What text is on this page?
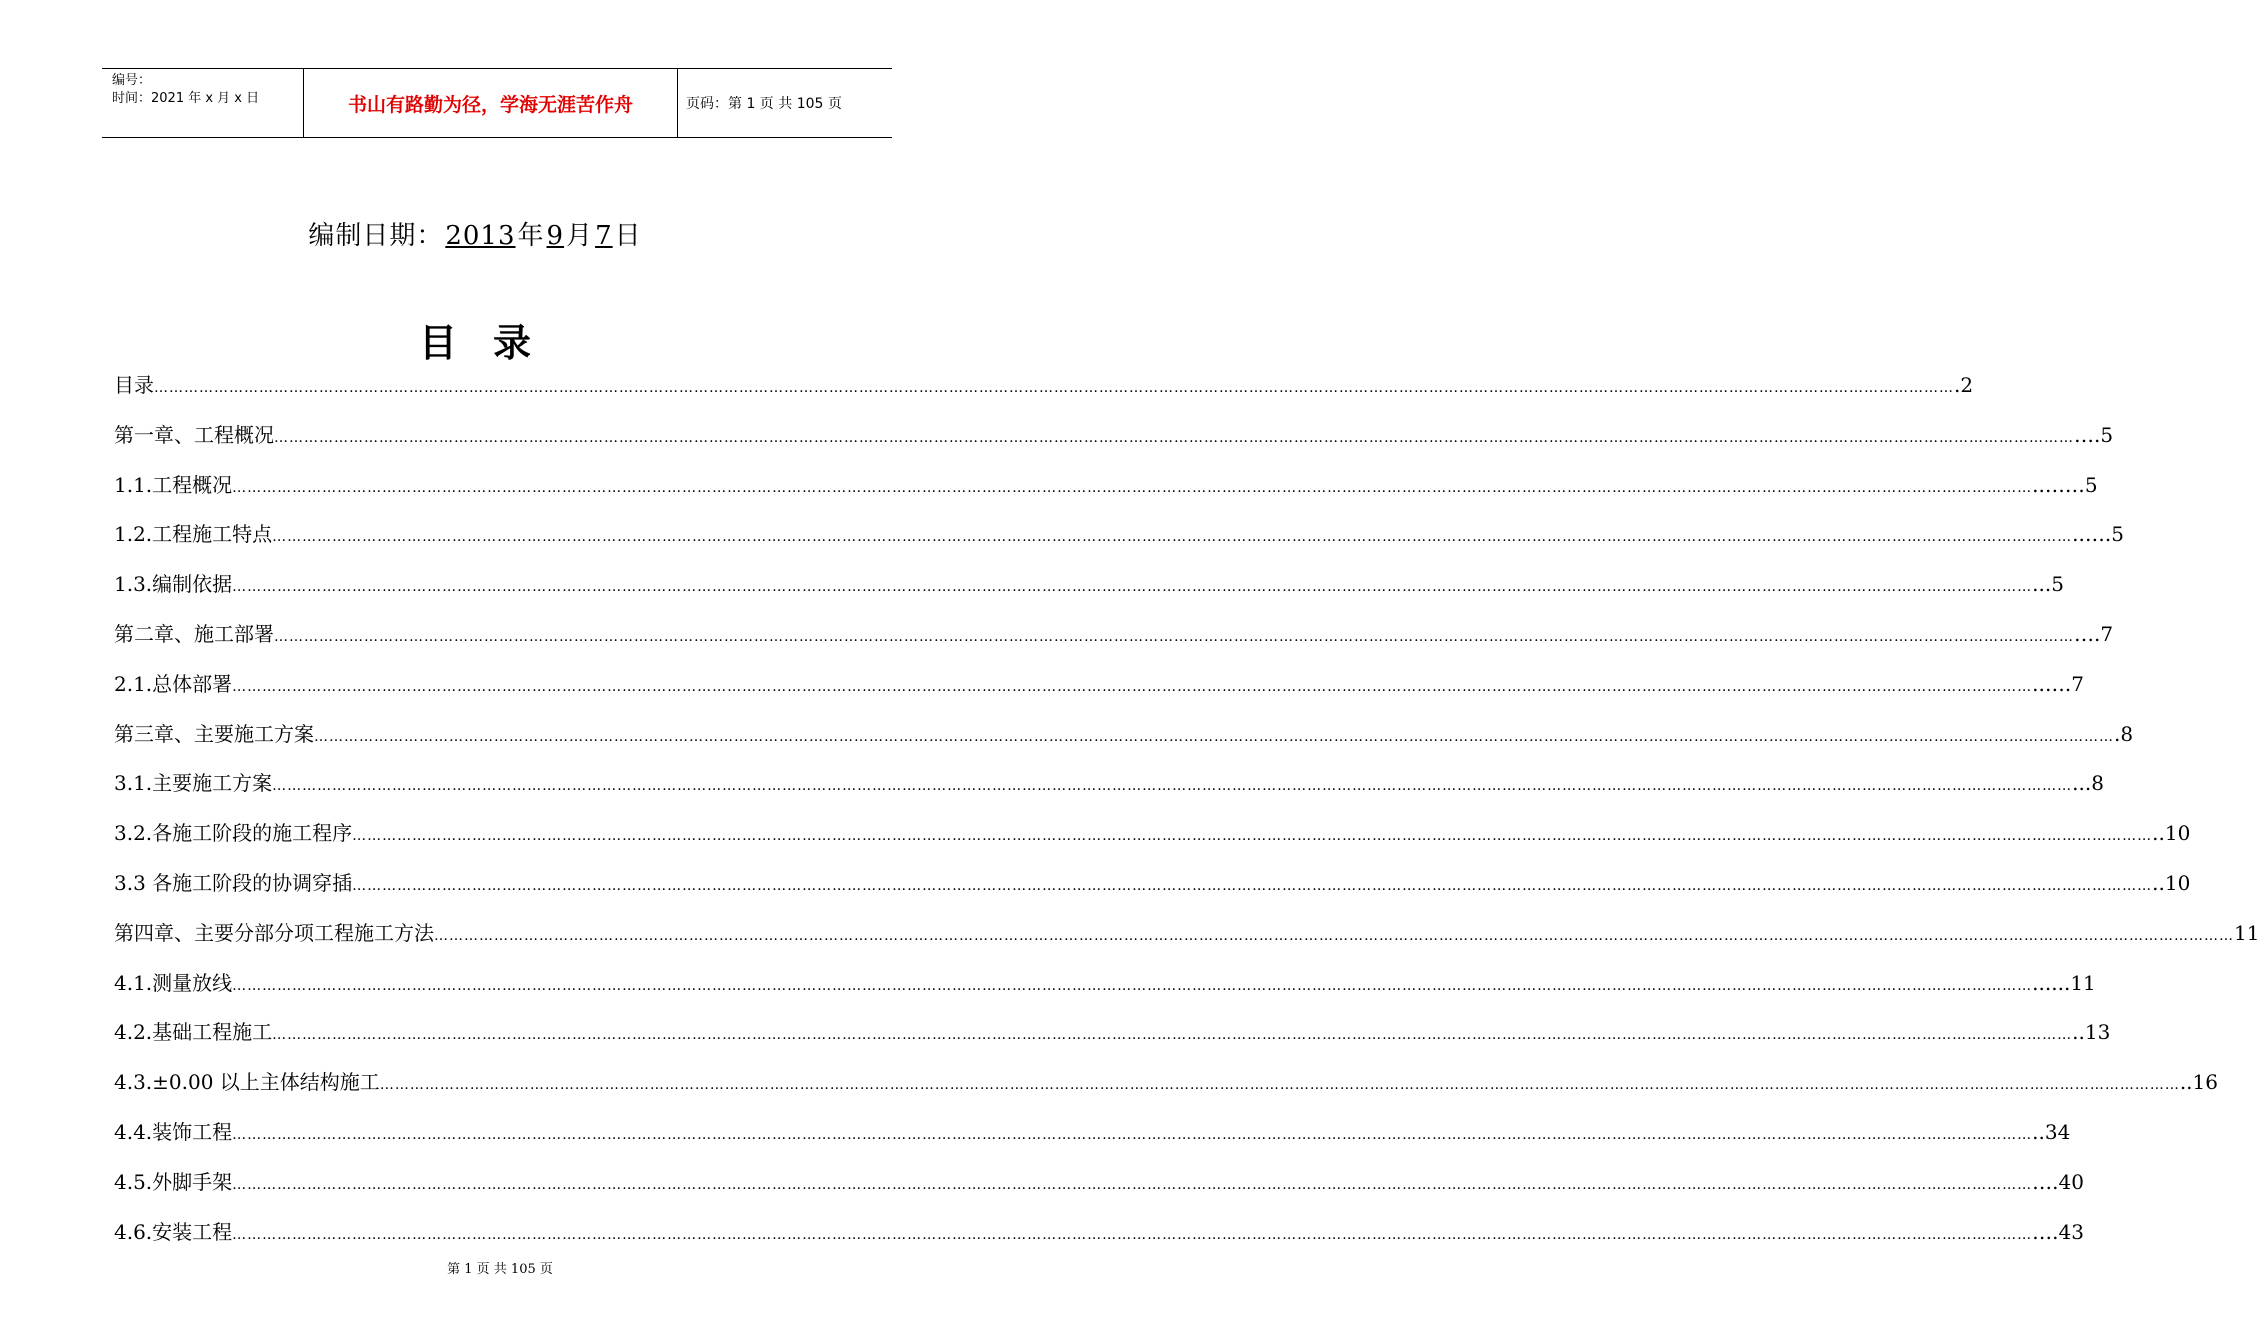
编号：
时间：2021 年 x 月 x 日	书山有路勤为径，学海无涯苦作舟	页码：第 1 页 共 105 页
编制日期：2013年9月7日
目录
目录 ……………………………………………………………………………………………………………………………………………………………………………………………………………………………………………………………………………………………………………………………… .2
第一章、工程概况 ……………………………………………………………………………………………………………………………………………………………………………………………………………………………………………………………………………………………………………………………… ….5
1.1.工程概况 ……………………………………………………………………………………………………………………………………………………………………………………………………………………………………………………………………………………………………………………………… ..……5
1.2.工程施工特点 ……………………………………………………………………………………………………………………………………………………………………………………………………………………………………………………………………………………………………………………………… ..….5
1.3.编制依据 ……………………………………………………………………………………………………………………………………………………………………………………………………………………………………………………………………………………………………………………………… ...5
第二章、施工部署 ……………………………………………………………………………………………………………………………………………………………………………………………………………………………………………………………………………………………………………………………… ….7
2.1.总体部署 ……………………………………………………………………………………………………………………………………………………………………………………………………………………………………………………………………………………………………………………………… ..….7
第三章、主要施工方案 ……………………………………………………………………………………………………………………………………………………………………………………………………………………………………………………………………………………………………………………………… .8
3.1.主要施工方案 ……………………………………………………………………………………………………………………………………………………………………………………………………………………………………………………………………………………………………………………………… ...8
3.2.各施工阶段的施工程序 ……………………………………………………………………………………………………………………………………………………………………………………………………………………………………………………………………………………………………………………………… ..10
3.3 各施工阶段的协调穿插 ……………………………………………………………………………………………………………………………………………………………………………………………………………………………………………………………………………………………………………………………… ..10
第四章、主要分部分项工程施工方法 ……………………………………………………………………………………………………………………………………………………………………………………………………………………………………………………………………………………………………………………………… 11
4.1.测量放线 ……………………………………………………………………………………………………………………………………………………………………………………………………………………………………………………………………………………………………………………………… ......11
4.2.基础工程施工 ……………………………………………………………………………………………………………………………………………………………………………………………………………………………………………………………………………………………………………………………… ..13
4.3.±0.00 以上主体结构施工 ……………………………………………………………………………………………………………………………………………………………………………………………………………………………………………………………………………………………………………………………… ..16
4.4.装饰工程 ……………………………………………………………………………………………………………………………………………………………………………………………………………………………………………………………………………………………………………………………… ..34
4.5.外脚手架 ……………………………………………………………………………………………………………………………………………………………………………………………………………………………………………………………………………………………………………………………… ….40
4.6.安装工程 ……………………………………………………………………………………………………………………………………………………………………………………………………………………………………………………………………………………………………………………………… ….43
第 1 页 共 105 页
